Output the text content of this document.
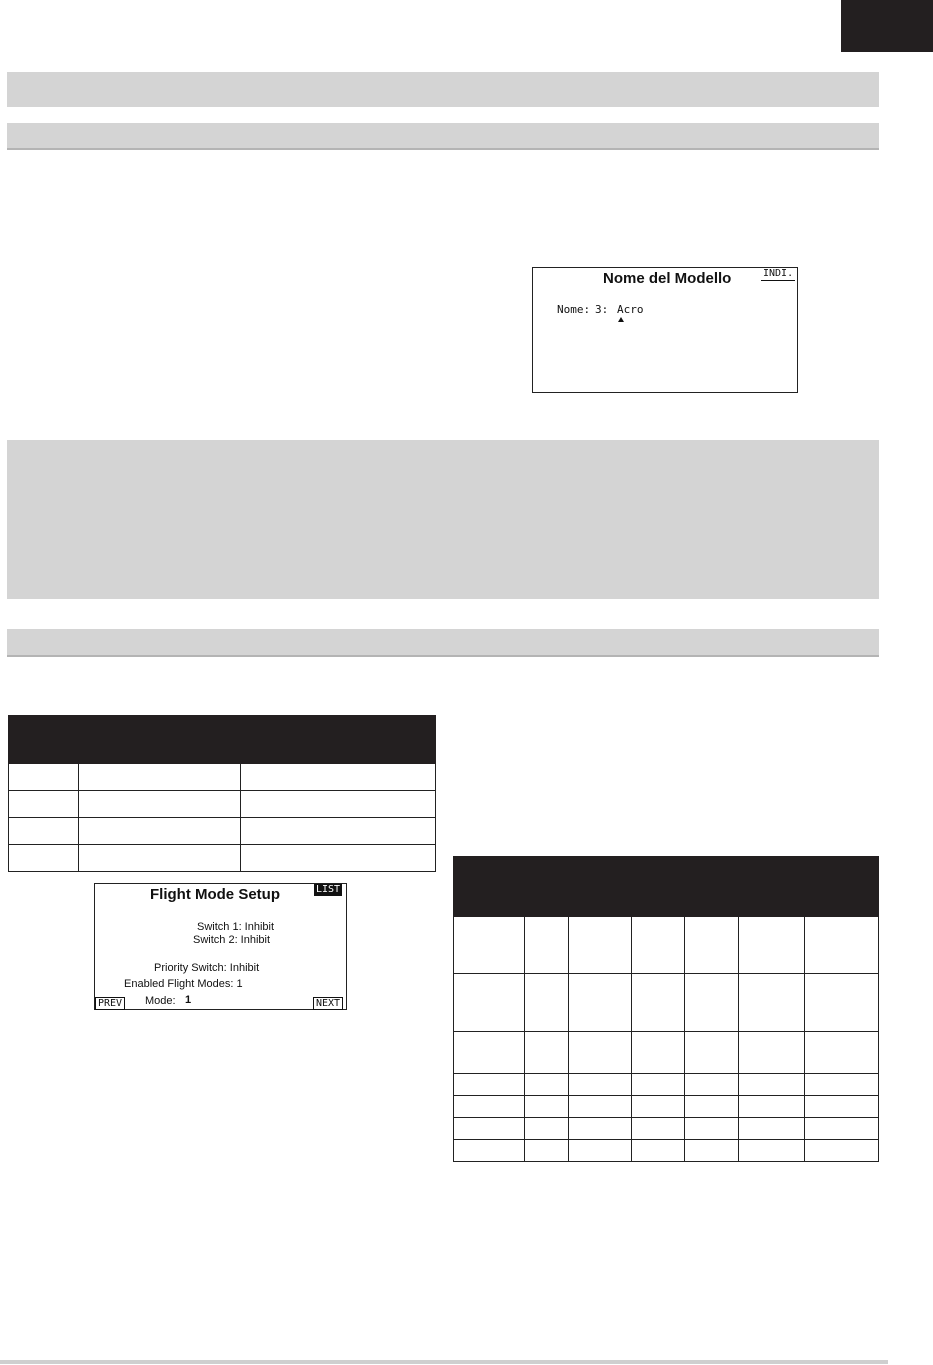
Nome del Modello	INDI.
Nome: 3: Acro

Flight Mode Setup	LIST
Switch 1: Inhibit
Switch 2: Inhibit
Priority Switch: Inhibit
Enabled Flight Modes: 1
PREV Mode: 1	NEXT
